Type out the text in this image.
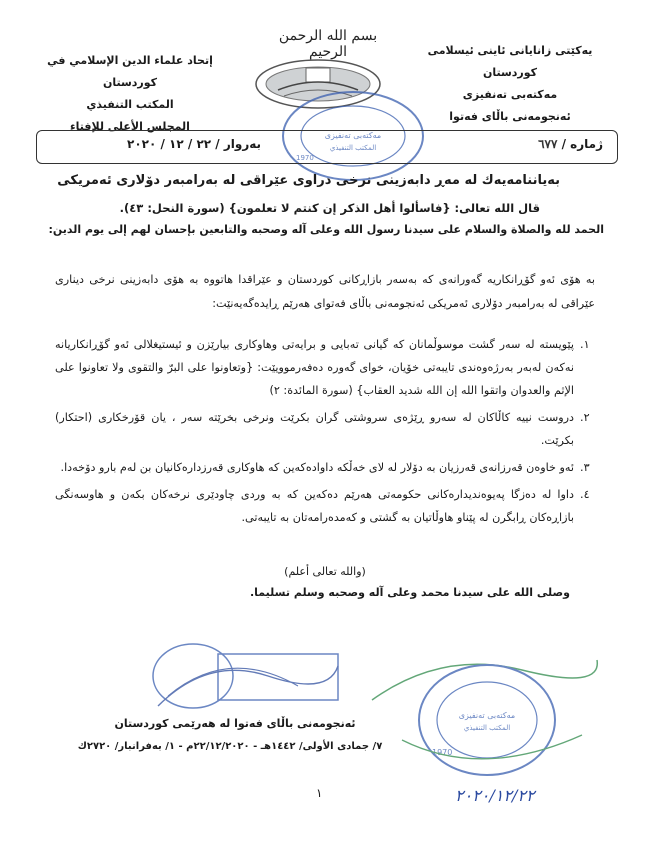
یەکێتی زانایانی ئاینی ئیسلامی کوردستان
مەکتەبی تەنفیزی
ئەنجومەنی باڵای فەتوا
بسم الله الرحمن الرحيم
إتحاد علماء الدين الإسلامي في كوردستان
المكتب التنفيذي
المجلس الأعلى للإفتاء
مەکتەبی تەنفیزی
المكتب التنفيذي
1970
ژمارە / ٦٧٧
بەروار / ٢٢ / ١٢ / ٢٠٢٠
بەیاننامەیەك لە مەڕ دابەزینی نرخی دراوی عێراقی لە بەرامبەر دۆلاری ئەمریكی
قال الله تعالى: {فاسألوا أهل الذكر إن كنتم لا تعلمون} (سورة النحل: ٤٣).
الحمد لله والصلاة والسلام على سيدنا رسول الله وعلى آله وصحبه والتابعين بإحسان لهم إلى يوم الدين:
بە هۆی ئەو گۆڕانکاریە گەورانەی كە بەسەر بازاڕكانی كوردستان و عێراقدا هاتووە بە هۆی دابەزینی نرخی دیناری عێراقی لە بەرامبەر دۆلاری ئەمریكی ئەنجومەنی باڵای فەتوای هەرێم ڕایدەگەیەنێت:
١.
پێویستە لە سەر گشت موسوڵمانان كە گیانی تەبایی و برایەتی وهاوكاری بیارێزن و ئیستیغلالی ئەو گۆڕانكاریانە نەكەن لەبەر بەرژەوەندی تایبەتی خۆیان، خوای گەورە دەفەرموویێت: {وتعاونوا على البرّ والتقوى ولا تعاونوا على الإثم والعدوان واتقوا الله إن الله شديد العقاب} (سورة المائدة: ٢)
٢.
دروست نییە كاڵاكان لە سەرو ڕێژەی سروشتی گران بكرێت ونرخی بخرێتە سەر ، یان قۆرخكاری (احتكار) بكرێت.
٣.
ئەو خاوەن قەرزانەی قەرزیان بە دۆلار لە لای خەڵكە داوادەكەین كە هاوكاری قەرزدارەكانیان بن لەم بارو دۆخەدا.
٤.
داوا لە دەزگا پەیوەندیدارەكانی حكومەتی هەرێم دەكەین كە بە وردی چاودێری نرخەكان بكەن و هاوسەنگی بازاڕەكان ڕابگرن لە پێناو هاوڵاتیان بە گشتی و كەمدەرامەتان بە تایبەتی.
(والله تعالى أعلم)
وصلى الله على سيدنا محمد وعلى آله وصحبه وسلم تسليما.
مەکتەبی تەنفیزی
المكتب التنفيذي
1970
ئەنجومەنی باڵای فەتوا لە هەرێمی كوردستان
٧/ جمادى الأولى/ ١٤٤٢هـ - ٢٢/١٢/٢٠٢٠م - ١/ بەفرانبار/ ٢٧٢٠ك
١	٢٠٢٠/١٢/٢٢
